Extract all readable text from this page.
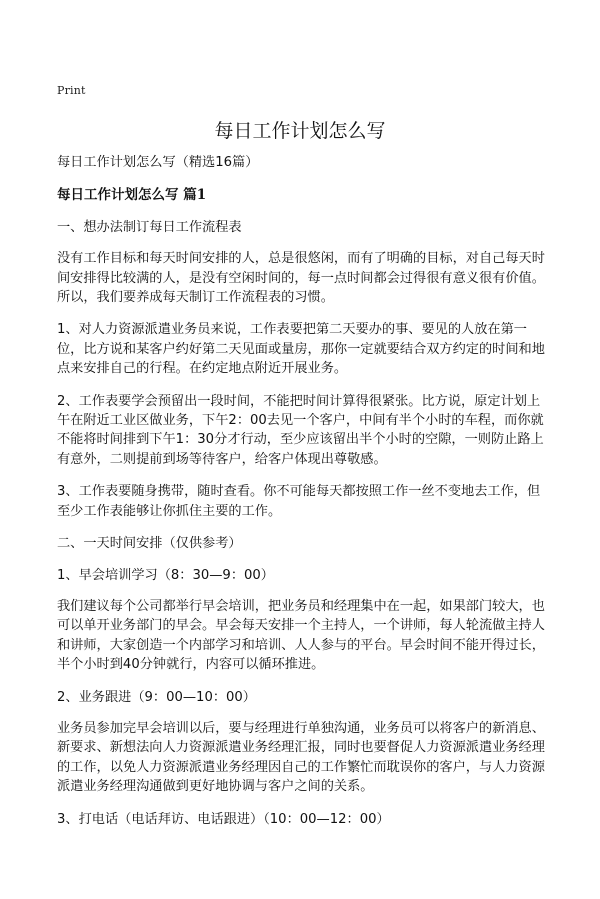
Print
每日工作计划怎么写

每日工作计划怎么写（精选16篇）

每日工作计划怎么写 篇1

一、想办法制订每日工作流程表

没有工作目标和每天时间安排的人，总是很悠闲，而有了明确的目标，对自己每天时间安排得比较满的人，是没有空闲时间的，每一点时间都会过得很有意义很有价值。所以，我们要养成每天制订工作流程表的习惯。

1、对人力资源派遣业务员来说，工作表要把第二天要办的事、要见的人放在第一位，比方说和某客户约好第二天见面或量房，那你一定就要结合双方约定的时间和地点来安排自己的行程。在约定地点附近开展业务。

2、工作表要学会预留出一段时间，不能把时间计算得很紧张。比方说，原定计划上午在附近工业区做业务，下午2：00去见一个客户，中间有半个小时的车程，而你就不能将时间排到下午1：30分才行动，至少应该留出半个小时的空隙，一则防止路上有意外，二则提前到场等待客户，给客户体现出尊敬感。

3、工作表要随身携带，随时查看。你不可能每天都按照工作一丝不变地去工作，但至少工作表能够让你抓住主要的工作。

二、一天时间安排（仅供参考）

1、早会培训学习（8：30—9：00）

我们建议每个公司都举行早会培训，把业务员和经理集中在一起，如果部门较大，也可以单开业务部门的早会。早会每天安排一个主持人，一个讲师，每人轮流做主持人和讲师，大家创造一个内部学习和培训、人人参与的平台。早会时间不能开得过长，半个小时到40分钟就行，内容可以循环推进。

2、业务跟进（9：00—10：00）

业务员参加完早会培训以后，要与经理进行单独沟通，业务员可以将客户的新消息、新要求、新想法向人力资源派遣业务经理汇报，同时也要督促人力资源派遣业务经理的工作，以免人力资源派遣业务经理因自己的工作繁忙而耽误你的客户，与人力资源派遣业务经理沟通做到更好地协调与客户之间的关系。

3、打电话（电话拜访、电话跟进）（10：00—12：00）
